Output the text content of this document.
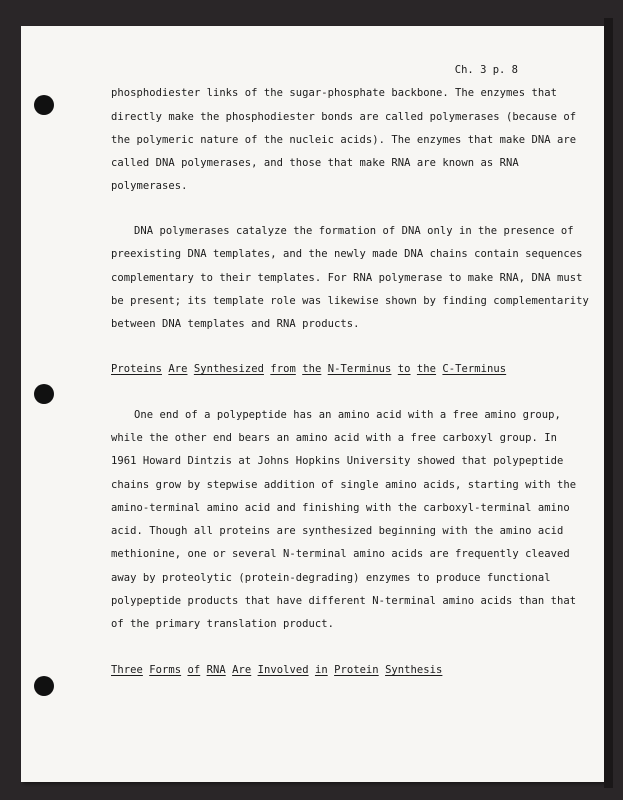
Ch. 3 p. 8
phosphodiester links of the sugar-phosphate backbone. The enzymes that
directly make the phosphodiester bonds are called polymerases (because of
the polymeric nature of the nucleic acids). The enzymes that make DNA are
called DNA polymerases, and those that make RNA are known as RNA
polymerases.
DNA polymerases catalyze the formation of DNA only in the presence of
preexisting DNA templates, and the newly made DNA chains contain sequences
complementary to their templates. For RNA polymerase to make RNA, DNA must
be present; its template role was likewise shown by finding complementarity
between DNA templates and RNA products.
Proteins Are Synthesized from the N-Terminus to the C-Terminus
One end of a polypeptide has an amino acid with a free amino group,
while the other end bears an amino acid with a free carboxyl group. In
1961 Howard Dintzis at Johns Hopkins University showed that polypeptide
chains grow by stepwise addition of single amino acids, starting with the
amino-terminal amino acid and finishing with the carboxyl-terminal amino
acid. Though all proteins are synthesized beginning with the amino acid
methionine, one or several N-terminal amino acids are frequently cleaved
away by proteolytic (protein-degrading) enzymes to produce functional
polypeptide products that have different N-terminal amino acids than that
of the primary translation product.
Three Forms of RNA Are Involved in Protein Synthesis
